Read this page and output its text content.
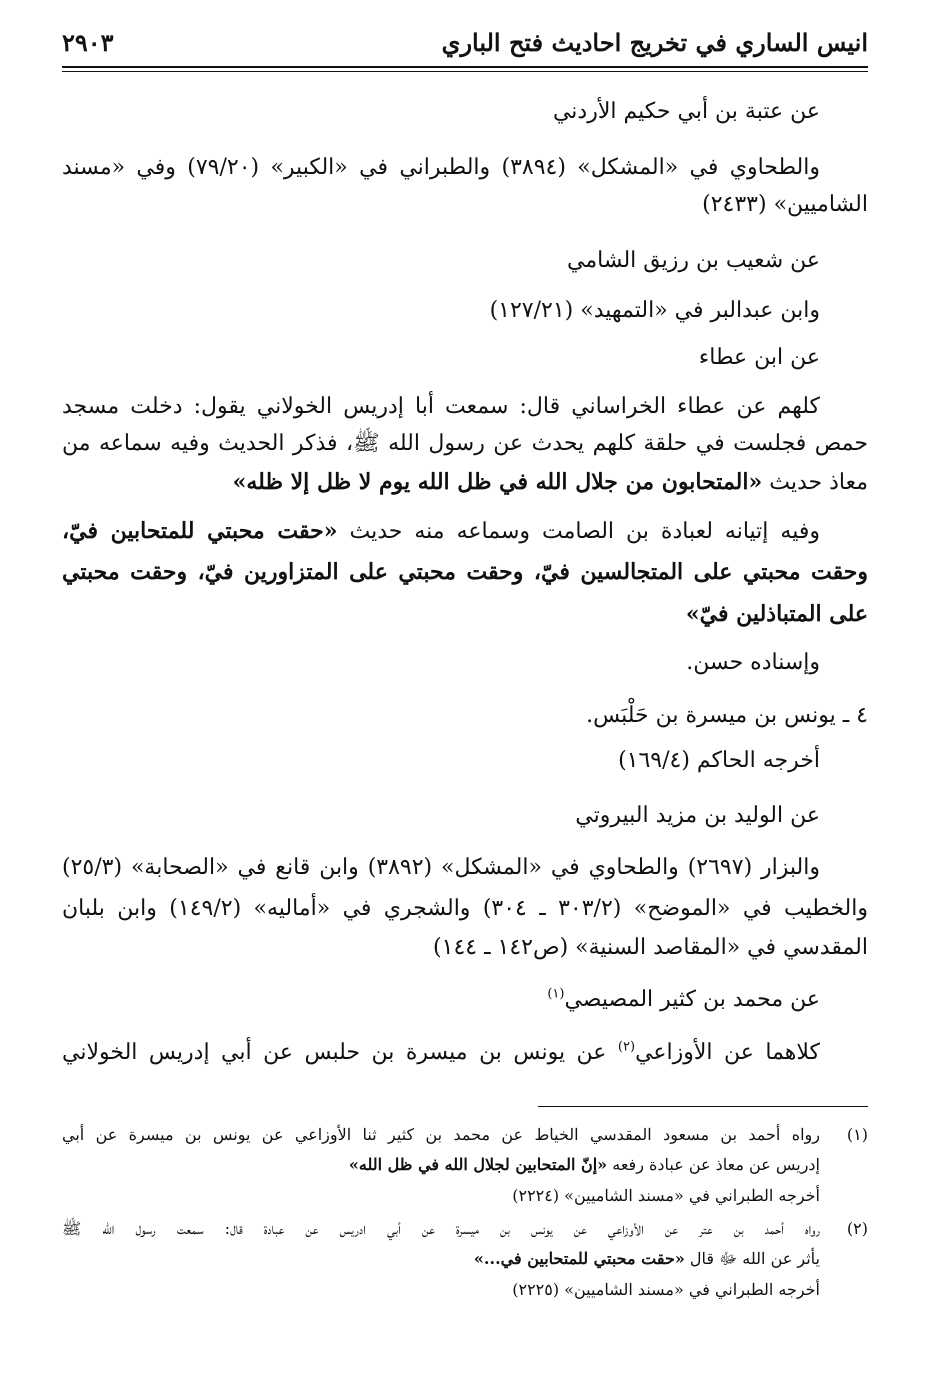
انيس الساري في تخريج احاديث فتح الباري
٢٩٠٣
عن عتبة بن أبي حكيم الأردني
والطحاوي في «المشكل» (٣٨٩٤) والطبراني في «الكبير» (٧٩/٢٠) وفي «مسند
الشاميين» (٢٤٣٣)
عن شعيب بن رزيق الشامي
وابن عبدالبر في «التمهيد» (١٢٧/٢١)
عن ابن عطاء
كلهم عن عطاء الخراساني قال: سمعت أبا إدريس الخولاني يقول: دخلت مسجد
حمص فجلست في حلقة كلهم يحدث عن رسول الله ﷺ، فذكر الحديث وفيه سماعه من
معاذ حديث «المتحابون من جلال الله في ظل الله يوم لا ظل إلا ظله»
وفيه إتيانه لعبادة بن الصامت وسماعه منه حديث «حقت محبتي للمتحابين فيّ،
وحقت محبتي على المتجالسين فيّ، وحقت محبتي على المتزاورين فيّ، وحقت محبتي
على المتباذلين فيّ»
وإسناده حسن.
٤ ـ يونس بن ميسرة بن حَلْبَس.
أخرجه الحاكم (١٦٩/٤)
عن الوليد بن مزيد البيروتي
والبزار (٢٦٩٧) والطحاوي في «المشكل» (٣٨٩٢) وابن قانع في «الصحابة» (٢٥/٣)
والخطيب في «الموضح» (٣٠٣/٢ ـ ٣٠٤) والشجري في «أماليه» (١٤٩/٢) وابن بلبان
المقدسي في «المقاصد السنية» (ص١٤٢ ـ ١٤٤)
عن محمد بن كثير المصيصي$^{(١)}$
كلاهما عن الأوزاعي$^{(٢)}$ عن يونس بن ميسرة بن حلبس عن أبي إدريس الخولاني
(١)
رواه أحمد بن مسعود المقدسي الخياط عن محمد بن كثير ثنا الأوزاعي عن يونس بن ميسرة عن أبي
إدريس عن معاذ عن عبادة رفعه «إنّ المتحابين لجلال الله في ظل الله»
أخرجه الطبراني في «مسند الشاميين» (٢٢٢٤)
(٢)
رواه أحمد بن عتر عن الأوزاعي عن يونس بن ميسرة عن أبي ادريس عن عبادة قال: سمعت رسول الله ﷺ
يأثر عن الله ﷻ قال «حقت محبتي للمتحابين في...»
أخرجه الطبراني في «مسند الشاميين» (٢٢٢٥)
